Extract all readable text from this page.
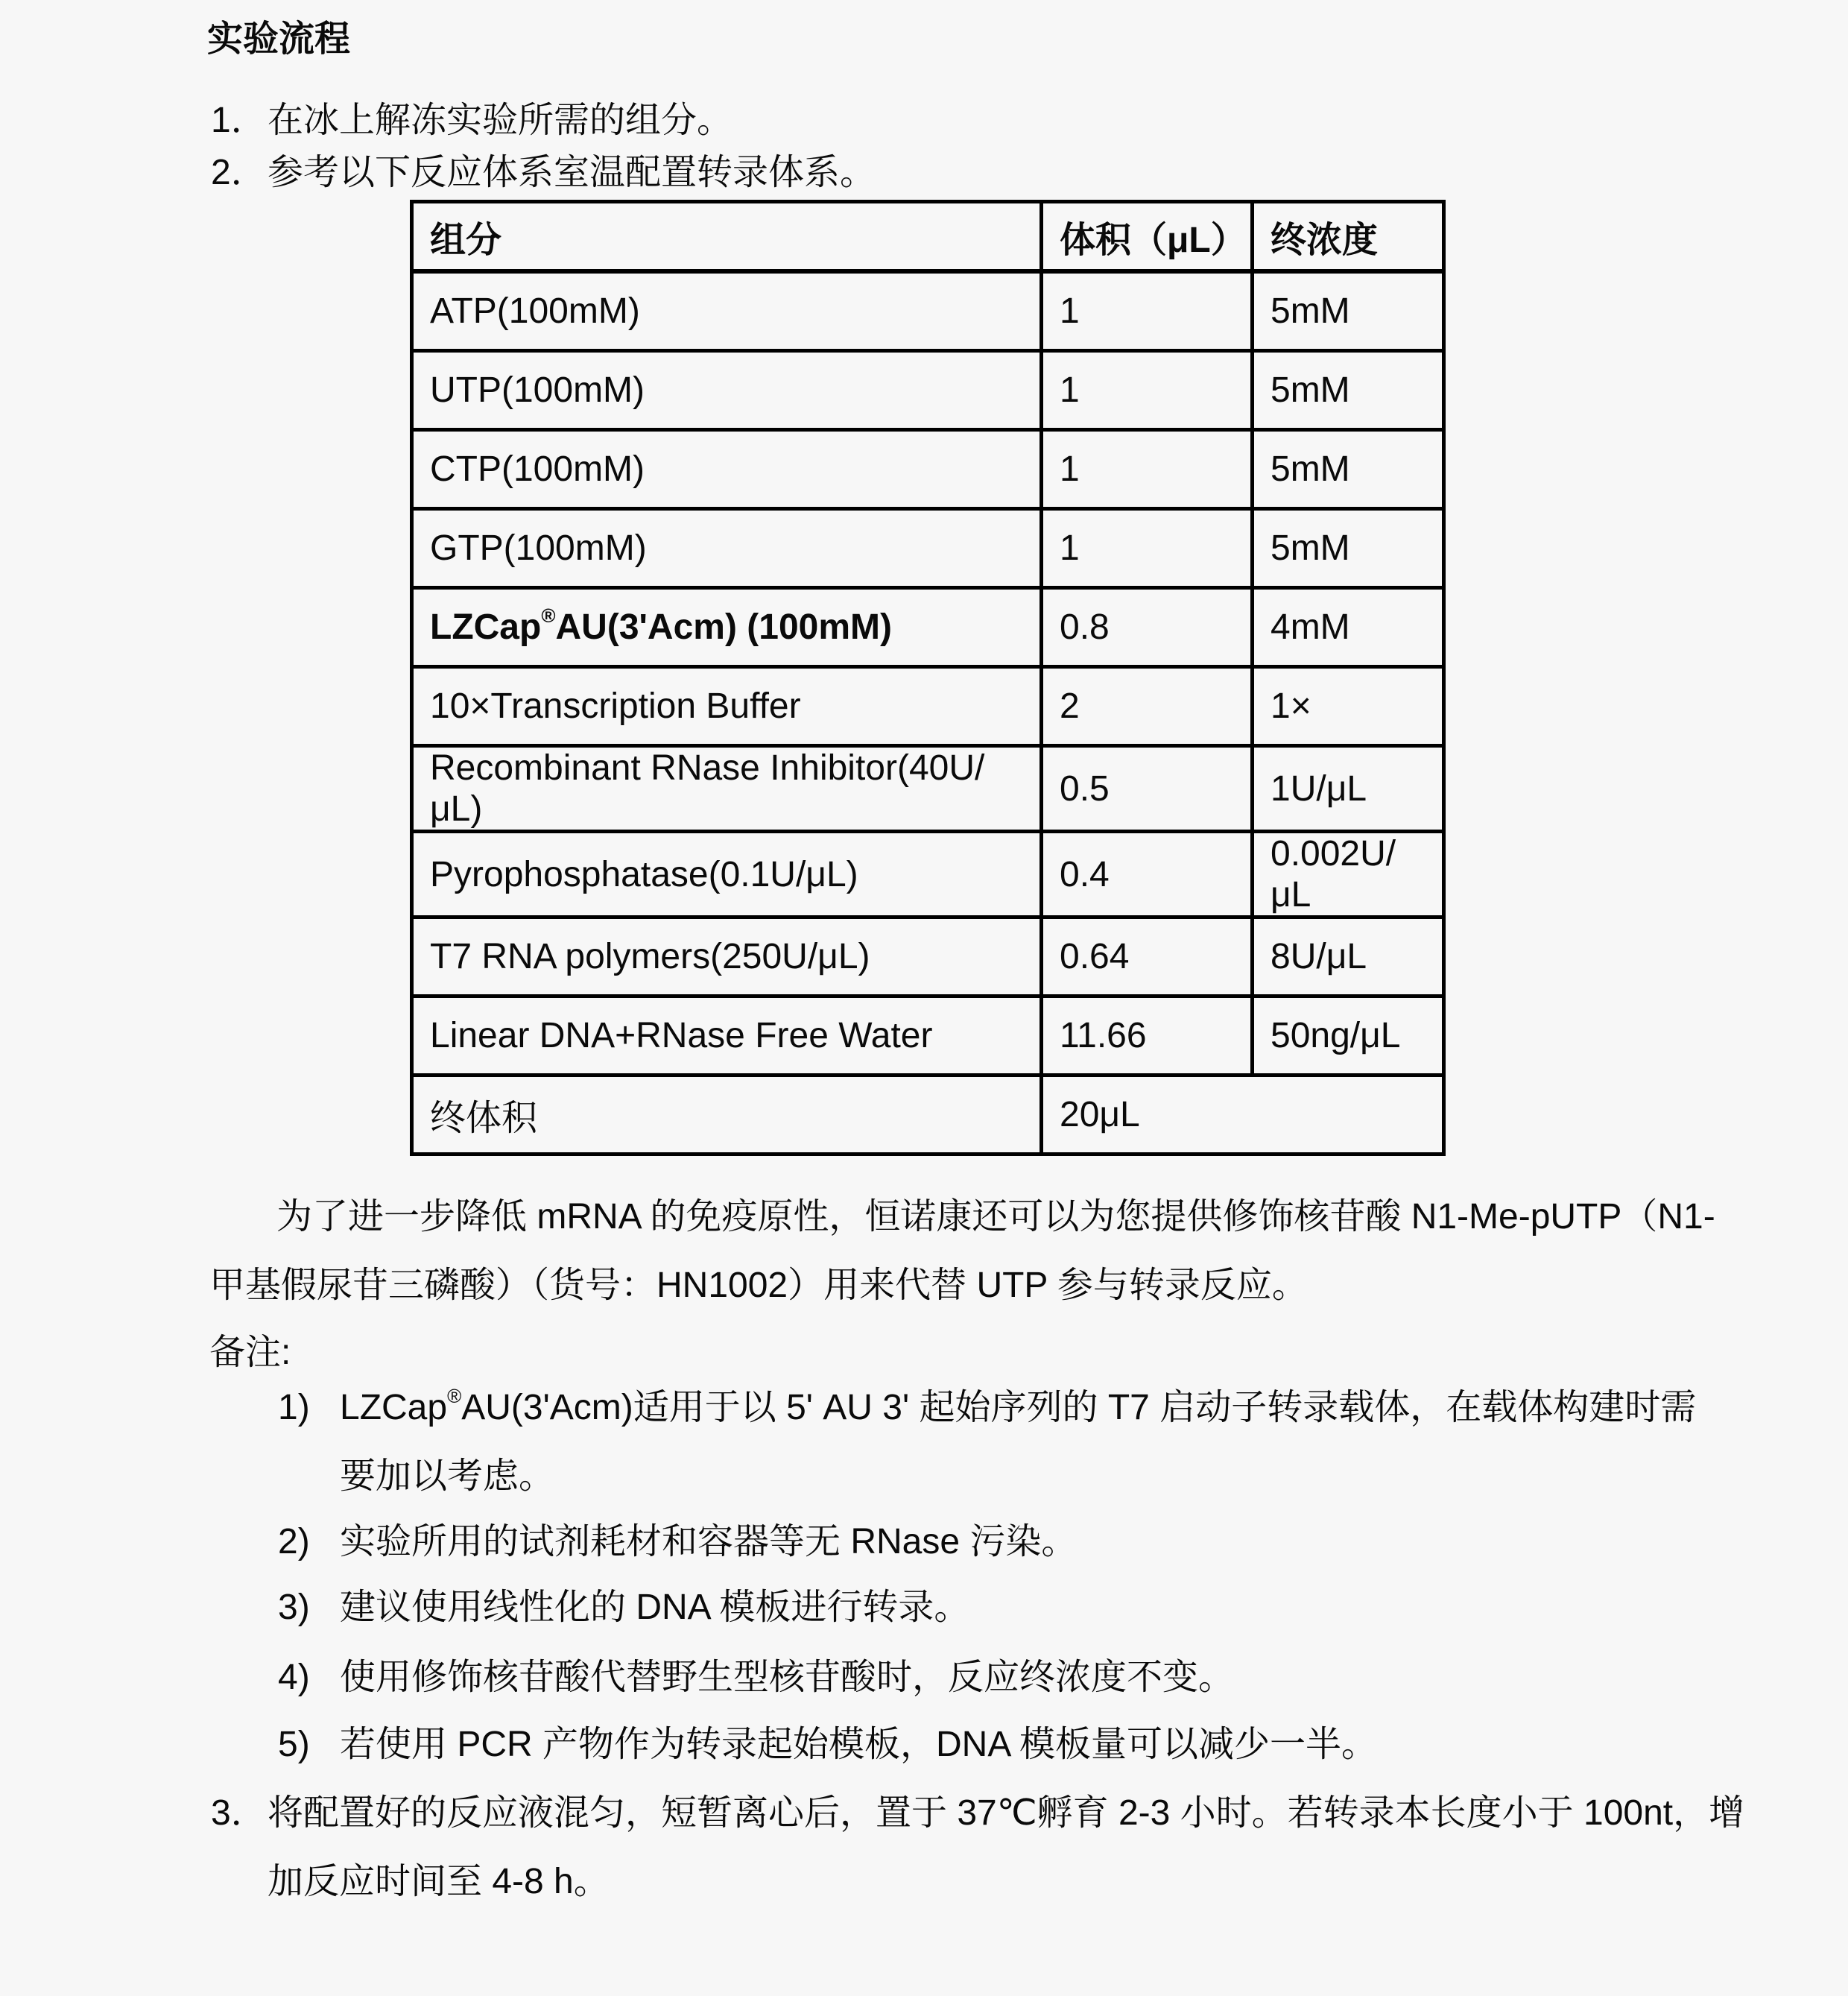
实验流程
1． 在冰上解冻实验所需的组分。
2． 参考以下反应体系室温配置转录体系。
组分	体积（μL）	终浓度
ATP(100mM)	1	5mM
UTP(100mM)	1	5mM
CTP(100mM)	1	5mM
GTP(100mM)	1	5mM
LZCap®AU(3'Acm) (100mM)	0.8	4mM
10×Transcription Buffer	2	1×
Recombinant RNase Inhibitor(40U/μL)	0.5	1U/μL
Pyrophosphatase(0.1U/μL)	0.4	0.002U/μL
T7 RNA polymers(250U/μL)	0.64	8U/μL
Linear DNA+RNase Free Water	11.66	50ng/μL
终体积	20μL	
为了进一步降低 mRNA 的免疫原性，恒诺康还可以为您提供修饰核苷酸 N1-Me-pUTP（N1-
甲基假尿苷三磷酸）（货号：HN1002）用来代替 UTP 参与转录反应。
备注:
1) LZCap®AU(3'Acm)适用于以 5' AU 3' 起始序列的 T7 启动子转录载体，在载体构建时需
要加以考虑。
2) 实验所用的试剂耗材和容器等无 RNase 污染。
3) 建议使用线性化的 DNA 模板进行转录。
4) 使用修饰核苷酸代替野生型核苷酸时，反应终浓度不变。
5) 若使用 PCR 产物作为转录起始模板，DNA 模板量可以减少一半。
3． 将配置好的反应液混匀，短暂离心后，置于 37℃孵育 2-3 小时。若转录本长度小于 100nt，增
加反应时间至 4-8 h。
